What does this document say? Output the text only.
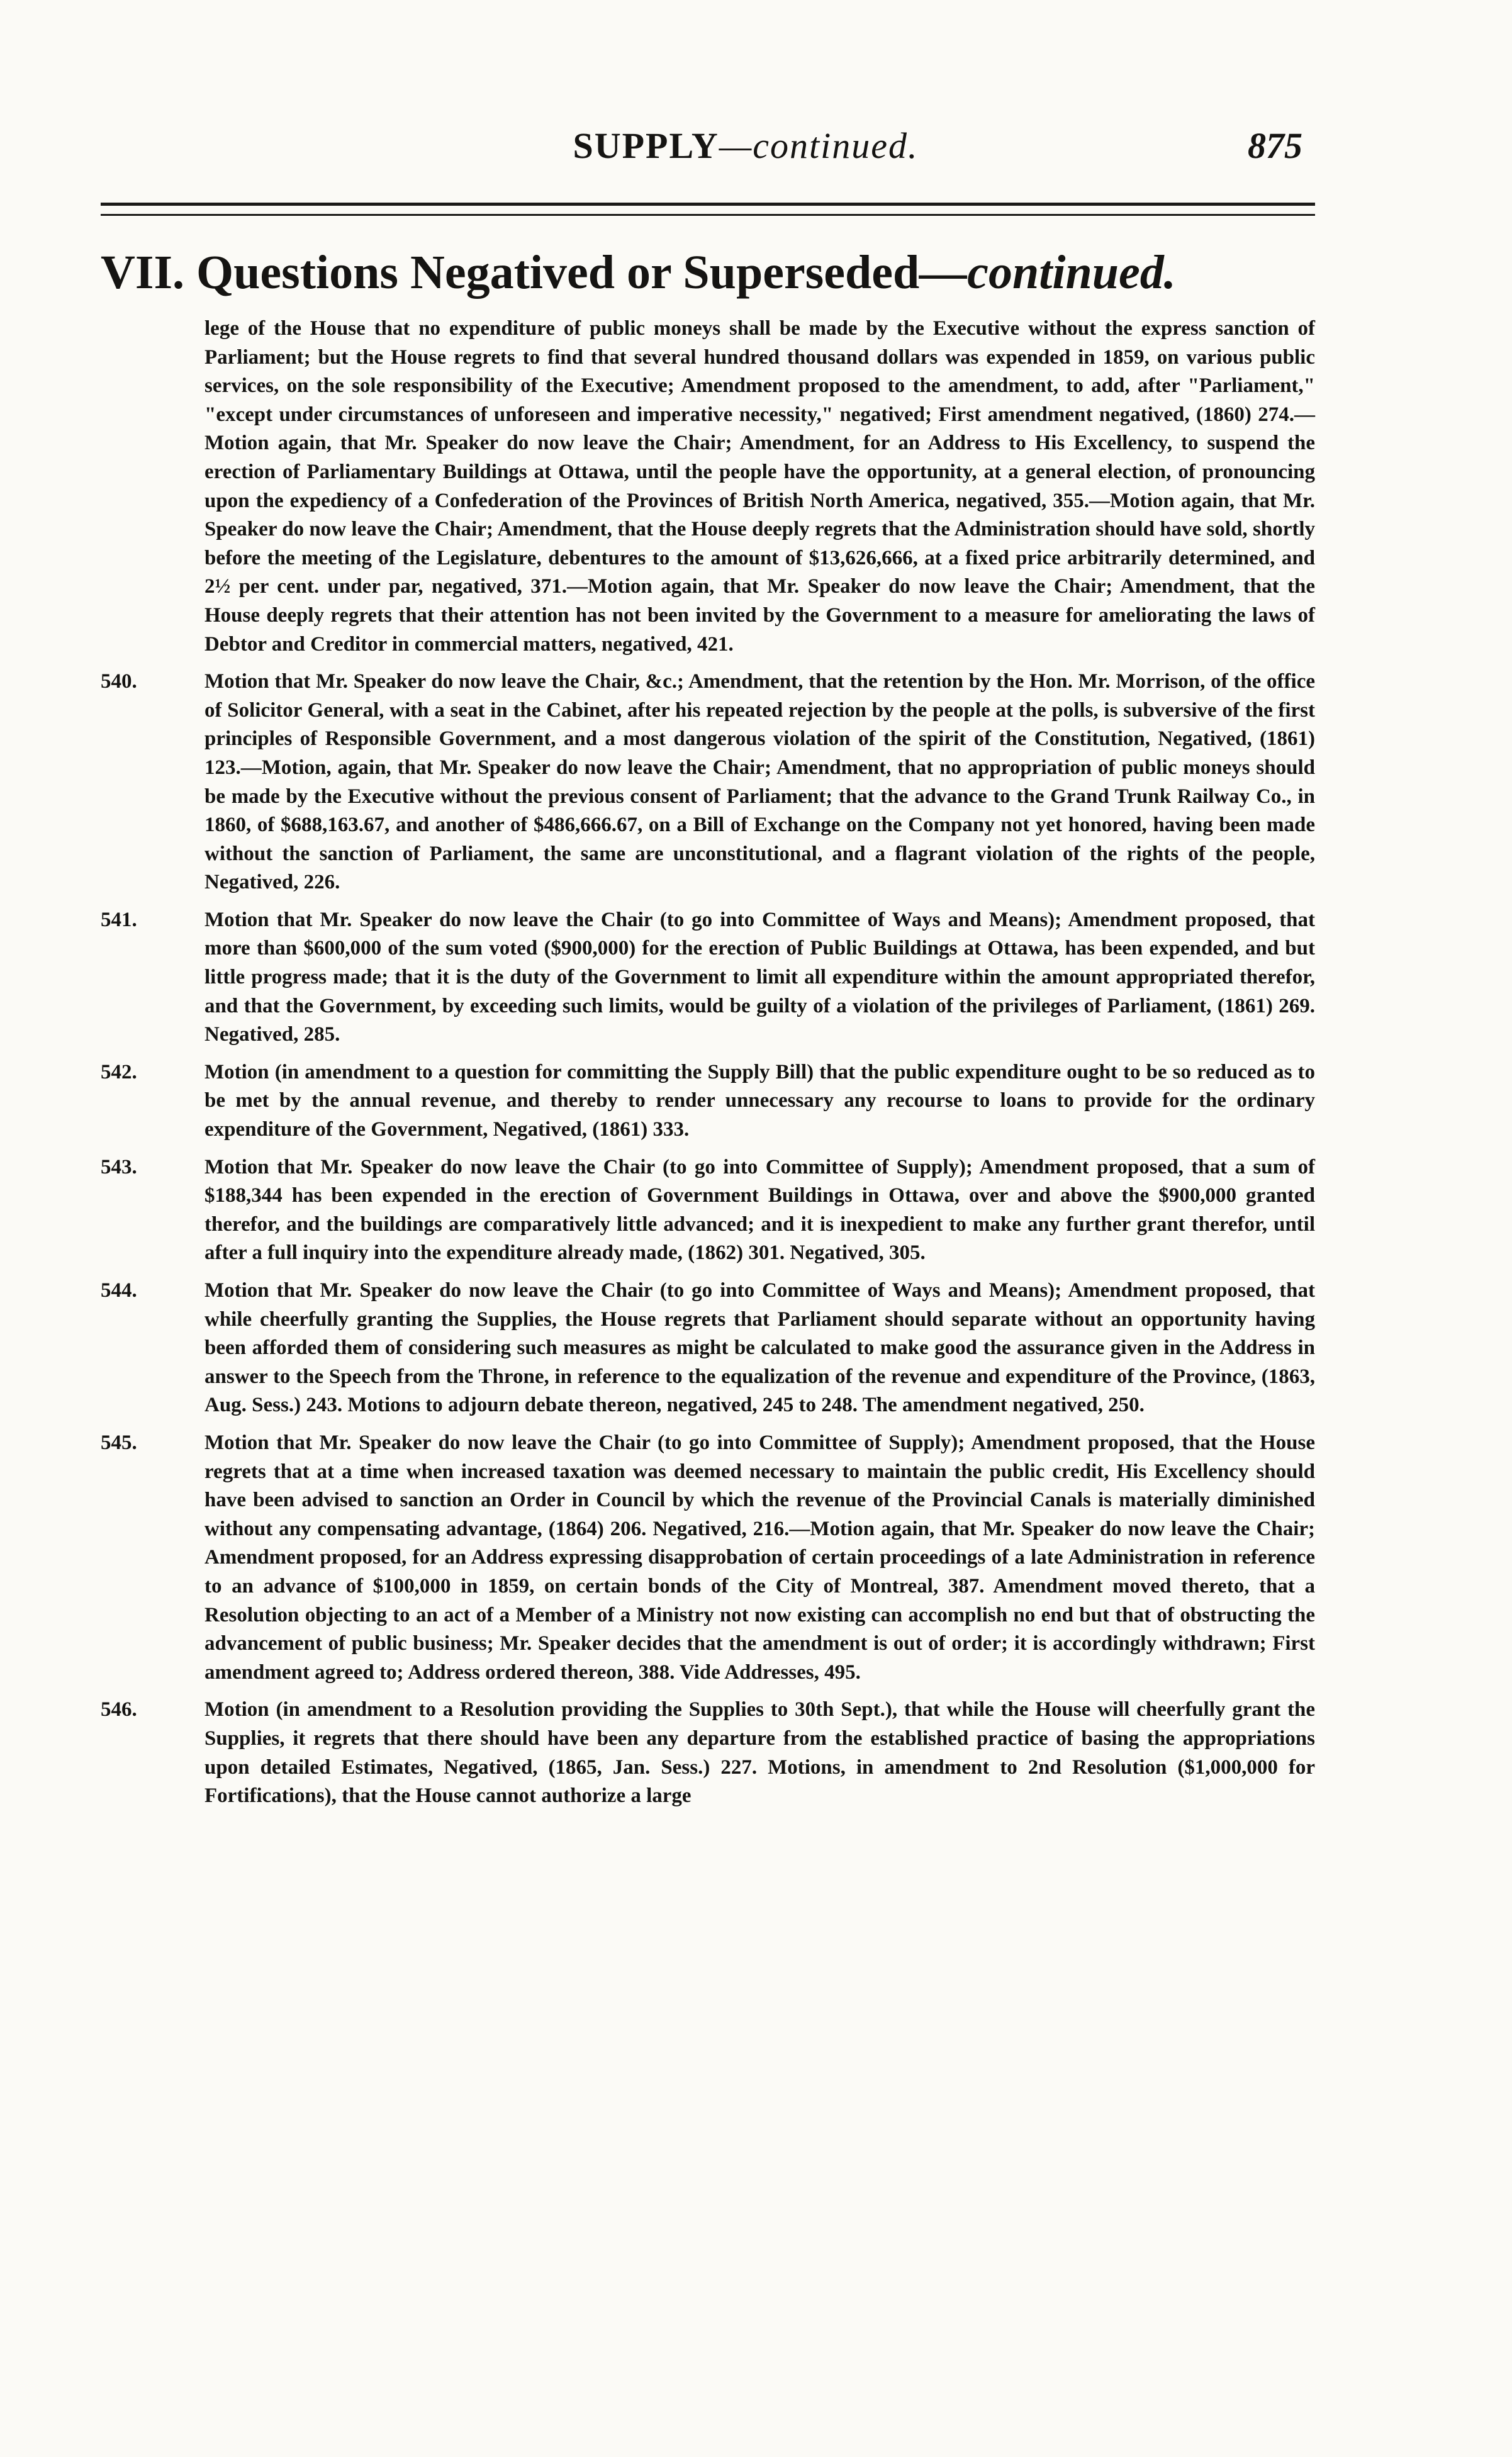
SUPPLY—continued.	875
VII. Questions Negatived or Superseded—continued.
lege of the House that no expenditure of public moneys shall be made by the Executive without the express sanction of Parliament; but the House regrets to find that several hundred thousand dollars was expended in 1859, on various public services, on the sole responsibility of the Executive; Amendment proposed to the amendment, to add, after "Parliament," "except under circumstances of unforeseen and imperative necessity," negatived; First amendment negatived, (1860) 274.—Motion again, that Mr. Speaker do now leave the Chair; Amendment, for an Address to His Excellency, to suspend the erection of Parliamentary Buildings at Ottawa, until the people have the opportunity, at a general election, of pronouncing upon the expediency of a Confederation of the Provinces of British North America, negatived, 355.—Motion again, that Mr. Speaker do now leave the Chair; Amendment, that the House deeply regrets that the Administration should have sold, shortly before the meeting of the Legislature, debentures to the amount of $13,626,666, at a fixed price arbitrarily determined, and 2½ per cent. under par, negatived, 371.—Motion again, that Mr. Speaker do now leave the Chair; Amendment, that the House deeply regrets that their attention has not been invited by the Government to a measure for ameliorating the laws of Debtor and Creditor in commercial matters, negatived, 421.
540.	Motion that Mr. Speaker do now leave the Chair, &c.; Amendment, that the retention by the Hon. Mr. Morrison, of the office of Solicitor General, with a seat in the Cabinet, after his repeated rejection by the people at the polls, is subversive of the first principles of Responsible Government, and a most dangerous violation of the spirit of the Constitution, Negatived, (1861) 123.—Motion, again, that Mr. Speaker do now leave the Chair; Amendment, that no appropriation of public moneys should be made by the Executive without the previous consent of Parliament; that the advance to the Grand Trunk Railway Co., in 1860, of $688,163.67, and another of $486,666.67, on a Bill of Exchange on the Company not yet honored, having been made without the sanction of Parliament, the same are unconstitutional, and a flagrant violation of the rights of the people, Negatived, 226.
541.	Motion that Mr. Speaker do now leave the Chair (to go into Committee of Ways and Means); Amendment proposed, that more than $600,000 of the sum voted ($900,000) for the erection of Public Buildings at Ottawa, has been expended, and but little progress made; that it is the duty of the Government to limit all expenditure within the amount appropriated therefor, and that the Government, by exceeding such limits, would be guilty of a violation of the privileges of Parliament, (1861) 269. Negatived, 285.
542.	Motion (in amendment to a question for committing the Supply Bill) that the public expenditure ought to be so reduced as to be met by the annual revenue, and thereby to render unnecessary any recourse to loans to provide for the ordinary expenditure of the Government, Negatived, (1861) 333.
543.	Motion that Mr. Speaker do now leave the Chair (to go into Committee of Supply); Amendment proposed, that a sum of $188,344 has been expended in the erection of Government Buildings in Ottawa, over and above the $900,000 granted therefor, and the buildings are comparatively little advanced; and it is inexpedient to make any further grant therefor, until after a full inquiry into the expenditure already made, (1862) 301. Negatived, 305.
544.	Motion that Mr. Speaker do now leave the Chair (to go into Committee of Ways and Means); Amendment proposed, that while cheerfully granting the Supplies, the House regrets that Parliament should separate without an opportunity having been afforded them of considering such measures as might be calculated to make good the assurance given in the Address in answer to the Speech from the Throne, in reference to the equalization of the revenue and expenditure of the Province, (1863, Aug. Sess.) 243. Motions to adjourn debate thereon, negatived, 245 to 248. The amendment negatived, 250.
545.	Motion that Mr. Speaker do now leave the Chair (to go into Committee of Supply); Amendment proposed, that the House regrets that at a time when increased taxation was deemed necessary to maintain the public credit, His Excellency should have been advised to sanction an Order in Council by which the revenue of the Provincial Canals is materially diminished without any compensating advantage, (1864) 206. Negatived, 216.—Motion again, that Mr. Speaker do now leave the Chair; Amendment proposed, for an Address expressing disapprobation of certain proceedings of a late Administration in reference to an advance of $100,000 in 1859, on certain bonds of the City of Montreal, 387. Amendment moved thereto, that a Resolution objecting to an act of a Member of a Ministry not now existing can accomplish no end but that of obstructing the advancement of public business; Mr. Speaker decides that the amendment is out of order; it is accordingly withdrawn; First amendment agreed to; Address ordered thereon, 388. Vide Addresses, 495.
546.	Motion (in amendment to a Resolution providing the Supplies to 30th Sept.), that while the House will cheerfully grant the Supplies, it regrets that there should have been any departure from the established practice of basing the appropriations upon detailed Estimates, Negatived, (1865, Jan. Sess.) 227. Motions, in amendment to 2nd Resolution ($1,000,000 for Fortifications), that the House cannot authorize a large
